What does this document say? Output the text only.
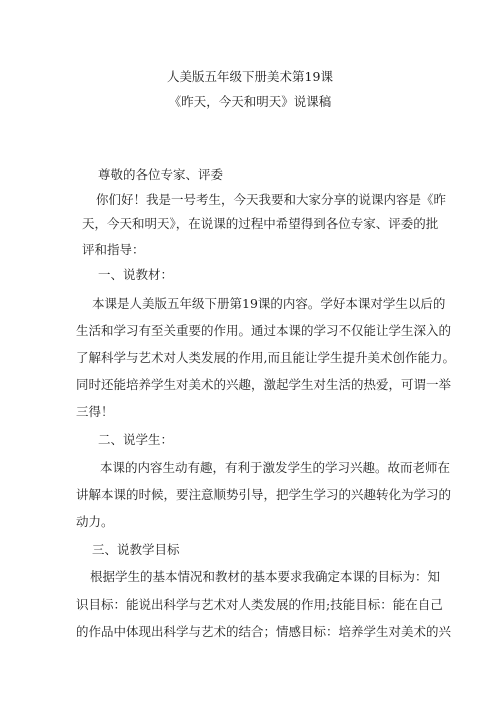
人美版五年级下册美术第19课
《昨天，今天和明天》说课稿
尊敬的各位专家、评委
你们好！我是一号考生，今天我要和大家分享的说课内容是《昨
天，今天和明天》，在说课的过程中希望得到各位专家、评委的批
评和指导：
一、说教材：
本课是人美版五年级下册第19课的内容。学好本课对学生以后的
生活和学习有至关重要的作用。通过本课的学习不仅能让学生深入的
了解科学与艺术对人类发展的作用,而且能让学生提升美术创作能力。
同时还能培养学生对美术的兴趣，激起学生对生活的热爱，可谓一举
三得！
二、说学生：
本课的内容生动有趣，有利于激发学生的学习兴趣。故而老师在
讲解本课的时候，要注意顺势引导，把学生学习的兴趣转化为学习的
动力。
三、说教学目标
根据学生的基本情况和教材的基本要求我确定本课的目标为：知
识目标：能说出科学与艺术对人类发展的作用;技能目标：能在自己
的作品中体现出科学与艺术的结合；情感目标：培养学生对美术的兴
